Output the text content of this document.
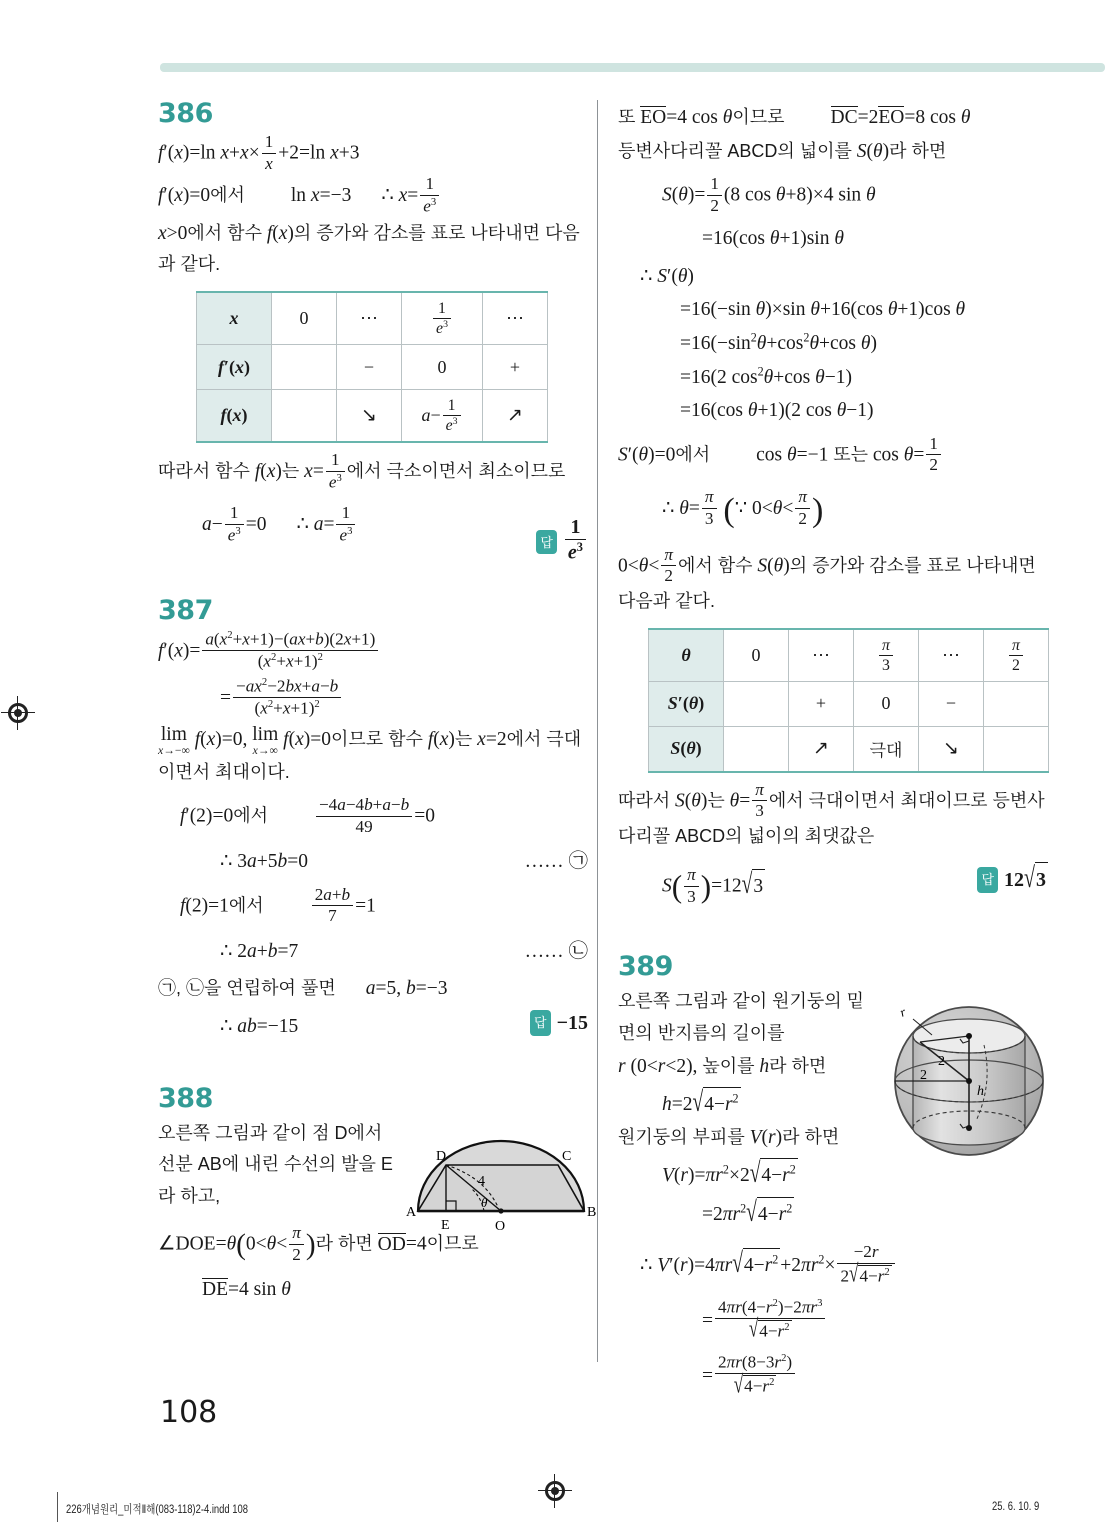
386
f′(x)=ln $x+x\times \frac{1}{x} +2=\ln$ x+3
f′(x)=0에서 ln x=−3 ∴ $x= \frac{1}{e^3}$
x>0에서 함수 f(x)의 증가와 감소를 표로 나타내면 다음과 같다.
x	0	⋯	$\frac{1}{e^3}$	⋯
f′(x)		−	0	+
f(x)		↘	$a- \frac{1}{e^3}$	↗
따라서 함수 f(x)는 $x= \frac{1}{e^3}$ 에서 극소이면서 최소이므로
$a- \frac{1}{e^3} =0$ ∴ $a= \frac{1}{e^3}$	답 $\frac{1}{e^3}$
387
$f'(x)= \frac{a(x^2+x+1)-(ax+b)(2x+1)}{(x^2+x+1)^2}$
= $\frac{-ax^2-2bx+a-b}{(x^2+x+1)^2}$
lim
x→−∞
f(x)=0, lim
x→∞
f(x)=0이므로 함수 f(x)는 x=2에서 극대이면서 최대이다.
f′(2)=0에서	$\frac{-4a-4b+a-b}{49} =0$
∴ 3a+5b=0	…… ㉠
f(2)=1에서	$\frac{2a+b}{7} =1$
∴ 2a+b=7	…… ㉡
㉠, ㉡을 연립하여 풀면 a=5, b=−3
∴ ab=−15	답 −15
388
D	C
A
E	O
B
4
θ
오른쪽 그림과 같이 점 D에서 선분 AB에 내린 수선의 발을 E라 하고,
∠DOE=θ(0<θ< $\frac{\pi}{2}$ )라 하면 OD=4이므로
DE=4 sin θ
또 EO=4 cos θ이므로 DC=2EO=8 cos θ
등변사다리꼴 ABCD의 넓이를 S(θ)라 하면
$S(\theta)= \frac{1}{2} (8$ cos θ+8)×4 sin θ
=16(cos θ+1)sin θ
∴ S′(θ)
=16(−sin θ)×sin θ+16(cos θ+1)cos θ
$=16(-\sin^2\theta+\cos^2\theta+\cos$ θ)
=16(2 $\cos^2\theta+\cos$ θ−1)
=16(cos θ+1)(2 cos θ−1)
S′(θ)=0에서 cos θ=−1 또는 $\cos \theta= \frac{1}{2}$
∴ $\theta= \frac{\pi}{3}$ (∵ $0<\theta< \frac{\pi}{2}$ )
$0<\theta< \frac{\pi}{2}$ 에서 함수 S(θ)의 증가와 감소를 표로 나타내면 다음과 같다.
θ	0	⋯	$\frac{\pi}{3}$	⋯	$\frac{\pi}{2}$

S′(θ)		+	0	−	
S(θ)		↗	극대	↘	
따라서 S(θ)는 $\theta= \frac{\pi}{3}$ 에서 극대이면서 최대이므로 등변사다리꼴 ABCD의 넓이의 최댓값은
$S( \frac{\pi}{3} )=12√3$	답 12√3
389
r
2
2
h
오른쪽 그림과 같이 원기둥의 밑면의 반지름의 길이를
r (0<r<2), 높이를 h라 하면
$h=2√4-r^2$
원기둥의 부피를 V(r)라 하면
$V(r)=\pi r^2\times 2√4-r^2$
$=2\pi r^2√4-r^2$
∴ $V'(r)=4\pi r√4-r^2 +2\pi r^2\times \frac{-2r}{2√4-r^2}$
= $\frac{4\pi r(4-r^2)-2\pi r^3}{√4-r^2}$
= $\frac{2\pi r(8-3r^2)}{√4-r^2}$
108
226개념원리_미적Ⅱ해(083-118)2-4.indd 108	25. 6. 10. 9
